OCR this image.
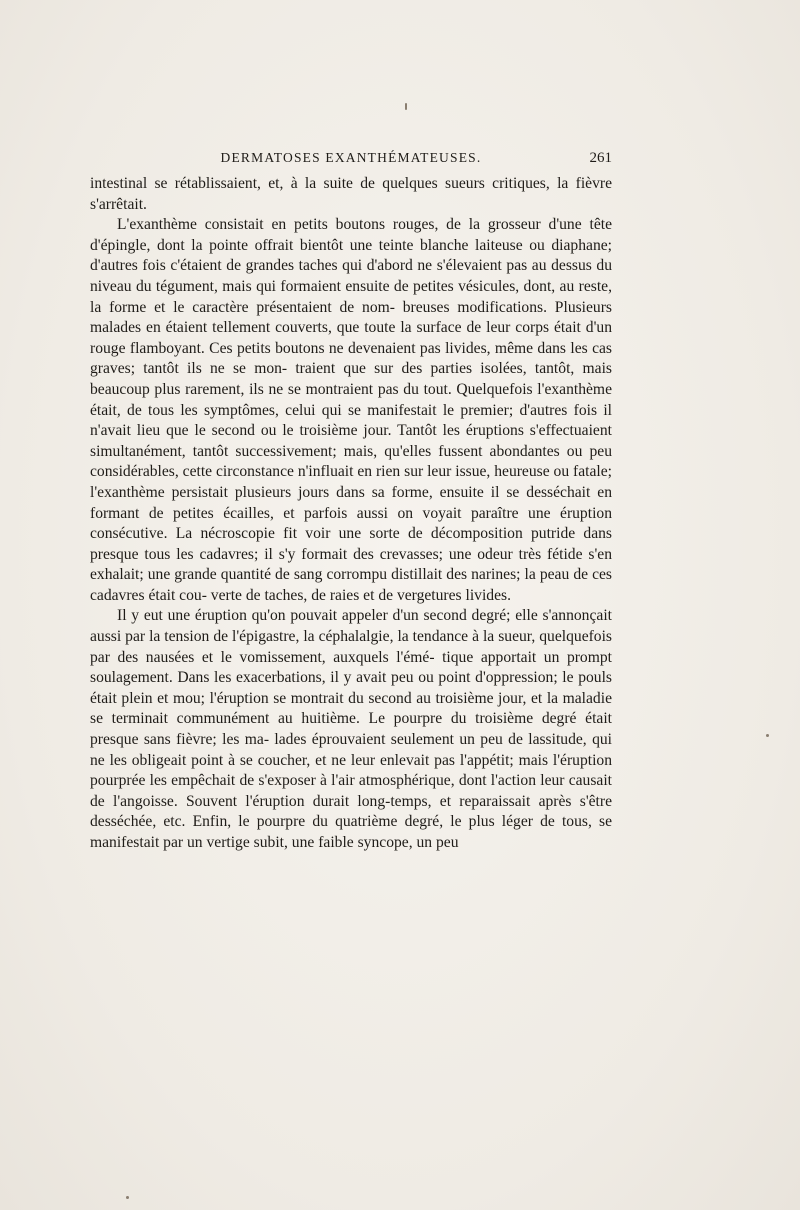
DERMATOSES EXANTHÉMATEUSES.	261

intestinal se rétablissaient, et, à la suite de quelques sueurs critiques, la fièvre s'arrêtait.

L'exanthème consistait en petits boutons rouges, de la grosseur d'une tête d'épingle, dont la pointe offrait bientôt une teinte blanche laiteuse ou diaphane; d'autres fois c'étaient de grandes taches qui d'abord ne s'élevaient pas au dessus du niveau du tégument, mais qui formaient ensuite de petites vésicules, dont, au reste, la forme et le caractère présentaient de nom- breuses modifications. Plusieurs malades en étaient tellement couverts, que toute la surface de leur corps était d'un rouge flamboyant. Ces petits boutons ne devenaient pas livides, même dans les cas graves; tantôt ils ne se mon- traient que sur des parties isolées, tantôt, mais beaucoup plus rarement, ils ne se montraient pas du tout. Quelquefois l'exanthème était, de tous les symptômes, celui qui se manifestait le premier; d'autres fois il n'avait lieu que le second ou le troisième jour. Tantôt les éruptions s'effectuaient simultanément, tantôt successivement; mais, qu'elles fussent abondantes ou peu considérables, cette circonstance n'influait en rien sur leur issue, heureuse ou fatale; l'exanthème persistait plusieurs jours dans sa forme, ensuite il se desséchait en formant de petites écailles, et parfois aussi on voyait paraître une éruption consécutive. La nécroscopie fit voir une sorte de décomposition putride dans presque tous les cadavres; il s'y formait des crevasses; une odeur très fétide s'en exhalait; une grande quantité de sang corrompu distillait des narines; la peau de ces cadavres était cou- verte de taches, de raies et de vergetures livides.

Il y eut une éruption qu'on pouvait appeler d'un second degré; elle s'annonçait aussi par la tension de l'épigastre, la céphalalgie, la tendance à la sueur, quelquefois par des nausées et le vomissement, auxquels l'émé- tique apportait un prompt soulagement. Dans les exacerbations, il y avait peu ou point d'oppression; le pouls était plein et mou; l'éruption se montrait du second au troisième jour, et la maladie se terminait communément au huitième. Le pourpre du troisième degré était presque sans fièvre; les ma- lades éprouvaient seulement un peu de lassitude, qui ne les obligeait point à se coucher, et ne leur enlevait pas l'appétit; mais l'éruption pourprée les empêchait de s'exposer à l'air atmosphérique, dont l'action leur causait de l'angoisse. Souvent l'éruption durait long-temps, et reparaissait après s'être desséchée, etc. Enfin, le pourpre du quatrième degré, le plus léger de tous, se manifestait par un vertige subit, une faible syncope, un peu
